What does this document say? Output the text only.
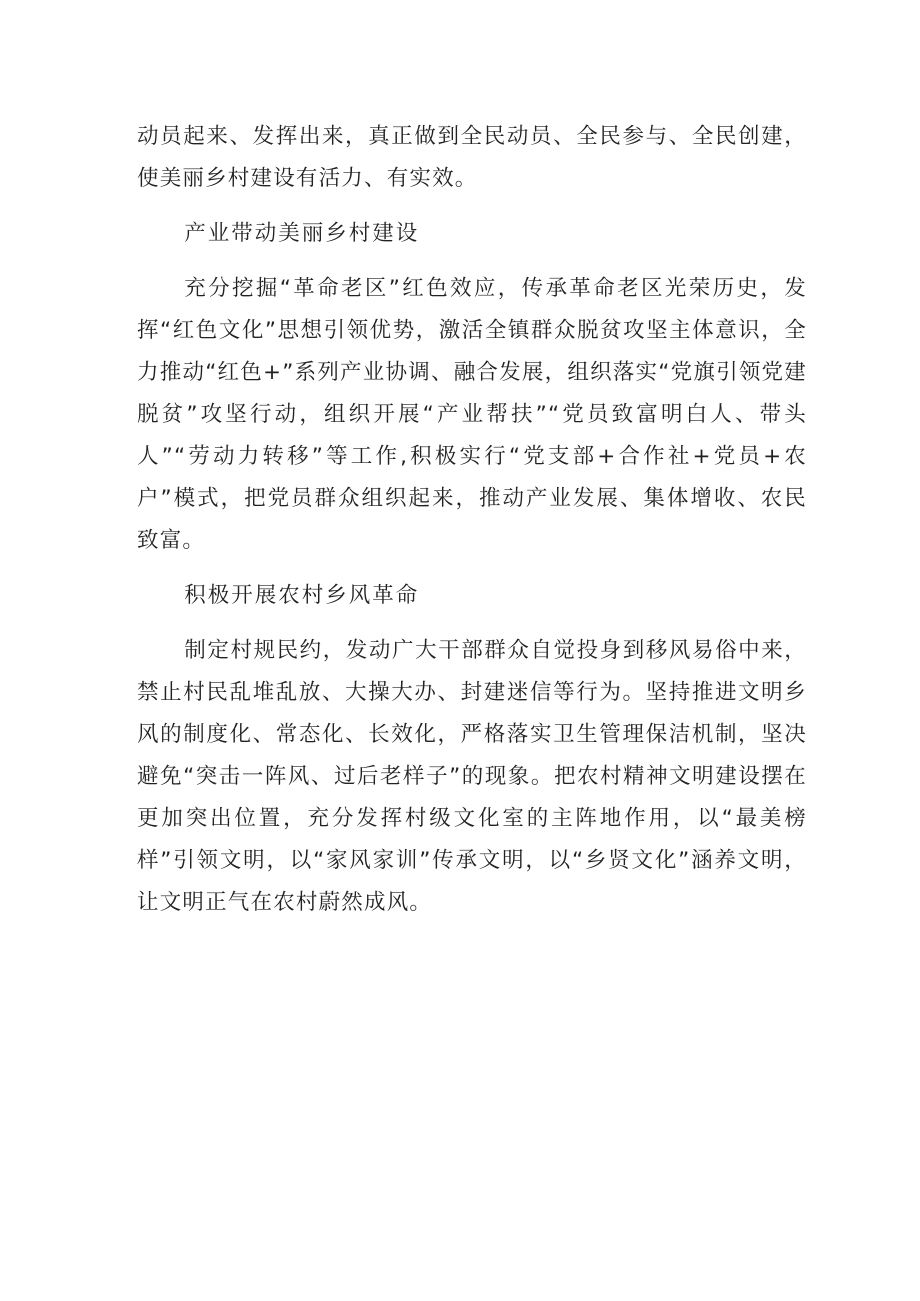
动员起来、发挥出来，真正做到全民动员、全民参与、全民创建，使美丽乡村建设有活力、有实效。

产业带动美丽乡村建设

充分挖掘“革命老区”红色效应，传承革命老区光荣历史，发挥“红色文化”思想引领优势，激活全镇群众脱贫攻坚主体意识，全力推动“红色+”系列产业协调、融合发展，组织落实“党旗引领党建脱贫”攻坚行动，组织开展“产业帮扶”“党员致富明白人、带头人”“劳动力转移”等工作,积极实行“党支部+合作社+党员+农户”模式，把党员群众组织起来，推动产业发展、集体增收、农民致富。

积极开展农村乡风革命

制定村规民约，发动广大干部群众自觉投身到移风易俗中来，禁止村民乱堆乱放、大操大办、封建迷信等行为。坚持推进文明乡风的制度化、常态化、长效化，严格落实卫生管理保洁机制，坚决避免“突击一阵风、过后老样子”的现象。把农村精神文明建设摆在更加突出位置，充分发挥村级文化室的主阵地作用，以“最美榜样”引领文明，以“家风家训”传承文明，以“乡贤文化”涵养文明，让文明正气在农村蔚然成风。
